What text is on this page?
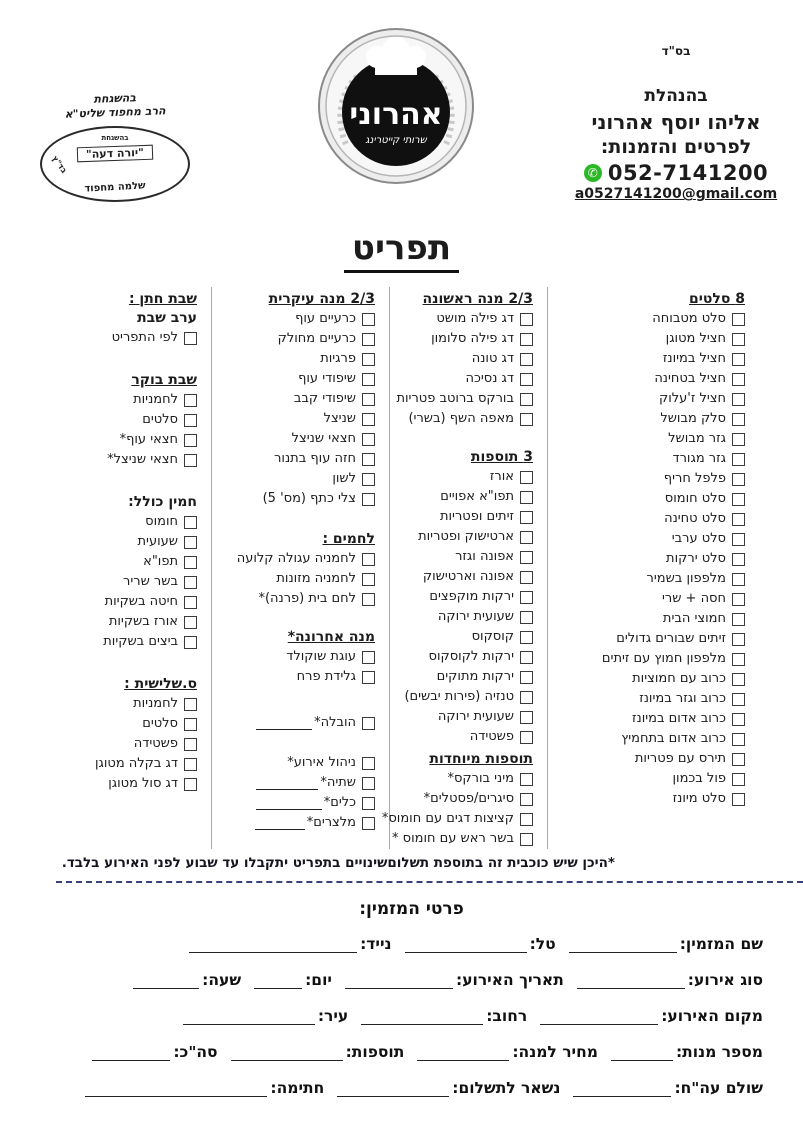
בהשגחת
הרב מחפוד שליט"א
בהשגחת
"יורה דעה"
בד"ץ
שלמה מחפוד
אהרוני
שרותי קייטרינג
בס"ד
בהנהלת
אליהו יוסף אהרוני
לפרטים והזמנות:
✆
052-7141200
a0527141200@gmail.com
תפריט
8 סלטים
סלט מטבוחה
חציל מטוגן
חציל במיונז
חציל בטחינה
חציל ז'עלוק
סלק מבושל
גזר מבושל
גזר מגורד
פלפל חריף
סלט חומוס
סלט טחינה
סלט ערבי
סלט ירקות
מלפפון בשמיר
חסה + שרי
חמוצי הבית
זיתים שבורים גדולים
מלפפון חמוץ עם זיתים
כרוב עם חמוציות
כרוב וגזר במיונז
כרוב אדום במיונז
כרוב אדום בתחמיץ
תירס עם פטריות
פול בכמון
סלט מיונז
2/3 מנה ראשונה
דג פילה מושט
דג פילה סלומון
דג טונה
דג נסיכה
בורקס ברוטב פטריות
מאפה השף (בשרי)
3 תוספות
אורז
תפו"א אפויים
זיתים ופטריות
ארטישוק ופטריות
אפונה וגזר
אפונה וארטישוק
ירקות מוקפצים
שעועית ירוקה
קוסקוס
ירקות לקוסקוס
ירקות מתוקים
טנזיה (פירות יבשים)
שעועית ירוקה
פשטידה
תוספות מיוחדות
מיני בורקס*
סיגרים/פסטלים*
קציצות דגים עם חומוס*
בשר ראש עם חומוס *
2/3 מנה עיקרית
כרעיים עוף
כרעיים מחולק
פרגיות
שיפודי עוף
שיפודי קבב
שניצל
חצאי שניצל
חזה עוף בתנור
לשון
צלי כתף (מס' 5)
לחמים :
לחמניה עגולה קלועה
לחמניה מזונות
לחם בית (פרנה)*
מנה אחרונה*
עוגת שוקולד
גלידת פרח
הובלה*
ניהול אירוע*
שתיה*
כלים*
מלצרים*
שבת חתן :
ערב שבת
לפי התפריט
שבת בוקר
לחמניות
סלטים
חצאי עוף*
חצאי שניצל*
חמין כולל:
חומוס
שעועית
תפו"א
בשר שריר
חיטה בשקיות
אורז בשקיות
ביצים בשקיות
ס.שלישית :
לחמניות
סלטים
פשטידה
דג בקלה מטוגן
דג סול מטוגן
*היכן שיש כוכבית זה בתוספת תשלום
שינויים בתפריט יתקבלו עד שבוע לפני האירוע בלבד.
פרטי המזמין:
שם המזמין:
טל:
נייד:
סוג אירוע:
תאריך האירוע:
יום:
שעה:
מקום האירוע:
רחוב:
עיר:
מספר מנות:
מחיר למנה:
תוספות:
סה"כ:
שולם עה"ח:
נשאר לתשלום:
חתימה:
